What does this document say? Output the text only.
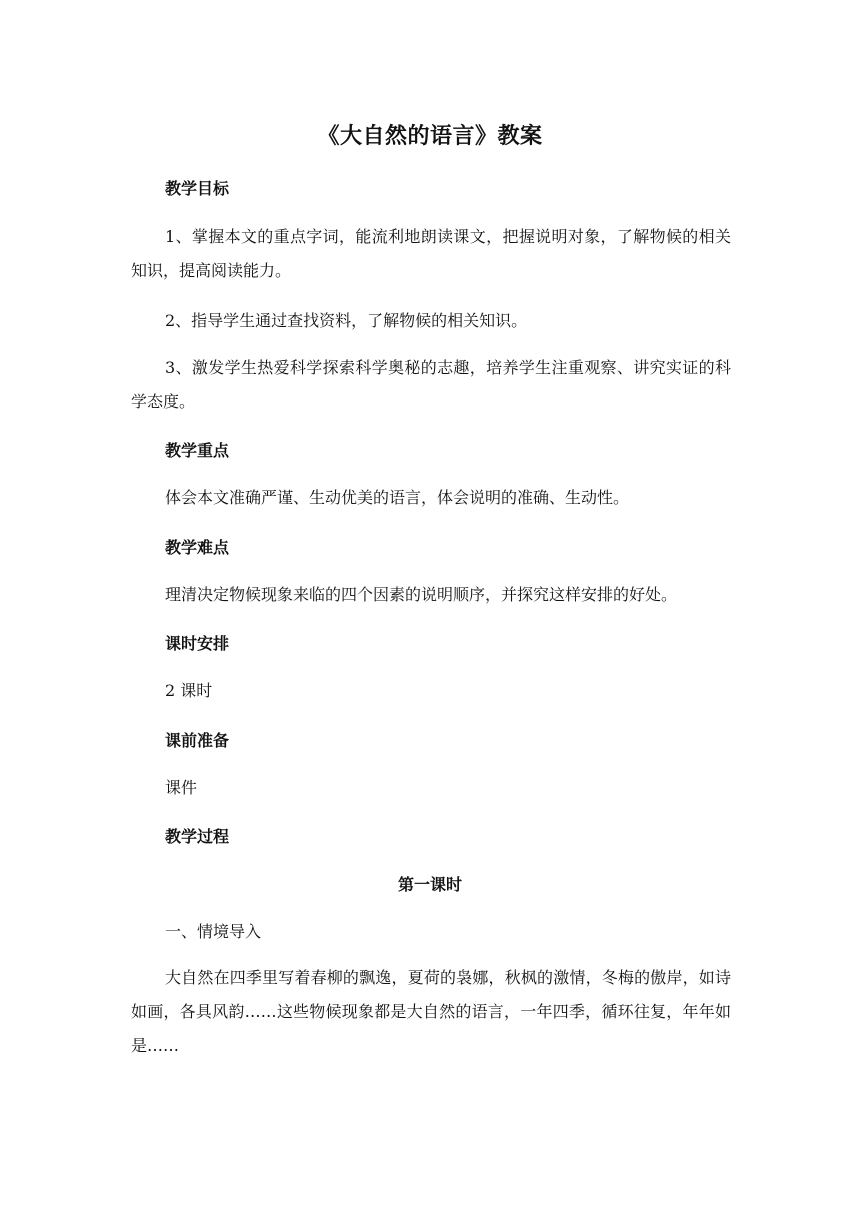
《大自然的语言》教案

教学目标

1、掌握本文的重点字词，能流利地朗读课文，把握说明对象，了解物候的相关知识，提高阅读能力。

2、指导学生通过查找资料，了解物候的相关知识。

3、激发学生热爱科学探索科学奥秘的志趣，培养学生注重观察、讲究实证的科学态度。

教学重点

体会本文准确严谨、生动优美的语言，体会说明的准确、生动性。

教学难点

理清决定物候现象来临的四个因素的说明顺序，并探究这样安排的好处。

课时安排

2 课时

课前准备

课件

教学过程

第一课时

一、情境导入

大自然在四季里写着春柳的飘逸，夏荷的袅娜，秋枫的激情，冬梅的傲岸，如诗如画，各具风韵……这些物候现象都是大自然的语言，一年四季，循环往复，年年如是……
